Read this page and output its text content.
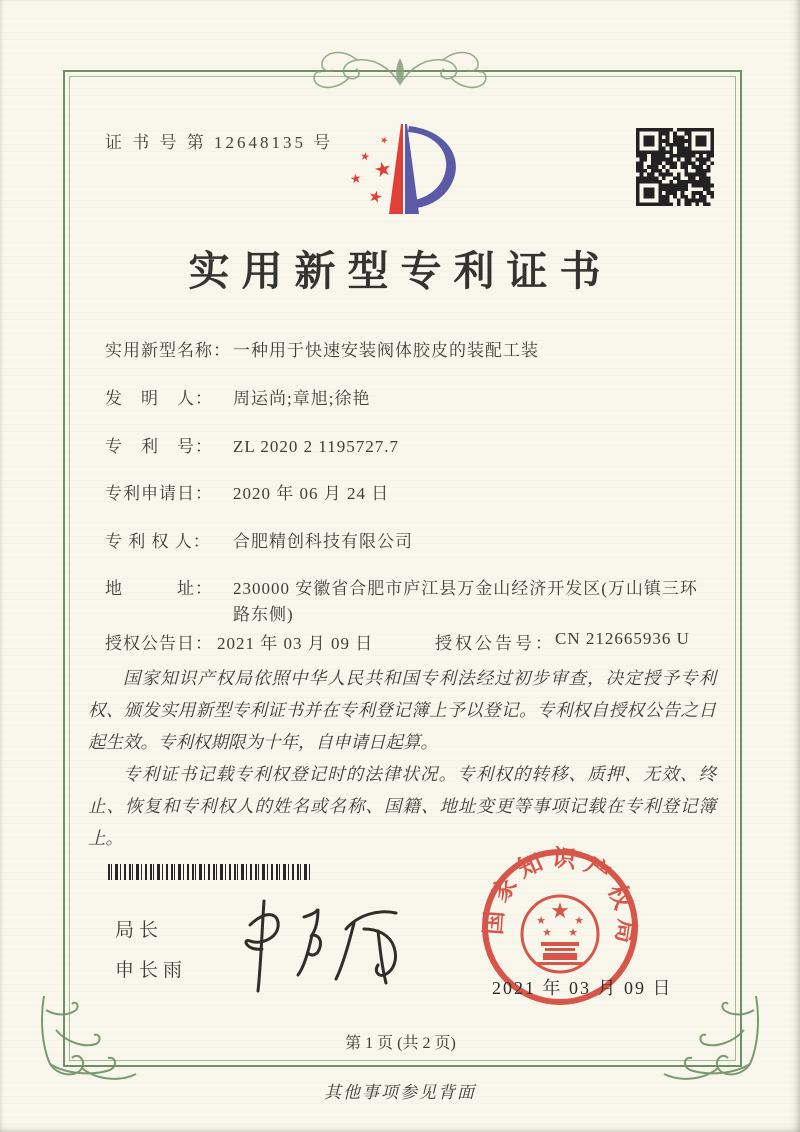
证 书 号 第 12648135 号
★
★
★
★
★
实用新型专利证书
实用新型名称： 一种用于快速安装阀体胶皮的装配工装
发　明　人：	周运尚;章旭;徐艳
专　利　号：	ZL 2020 2 1195727.7
专利申请日：	2020 年 06 月 24 日
专 利 权 人：	合肥精创科技有限公司
地　　　址：	230000 安徽省合肥市庐江县万金山经济开发区(万山镇三环路东侧)
授权公告日： 2021 年 03 月 09 日	授权公告号： CN 212665936 U

国家知识产权局依照中华人民共和国专利法经过初步审查，决定授予专利权、颁发实用新型专利证书并在专利登记簿上予以登记。专利权自授权公告之日起生效。专利权期限为十年，自申请日起算。

专利证书记载专利权登记时的法律状况。专利权的转移、质押、无效、终止、恢复和专利权人的姓名或名称、国籍、地址变更等事项记载在专利登记簿上。

局长
申长雨
国家知识产权局
★
★	★
★ ★
2021 年 03 月 09 日
第 1 页 (共 2 页)
其他事项参见背面
